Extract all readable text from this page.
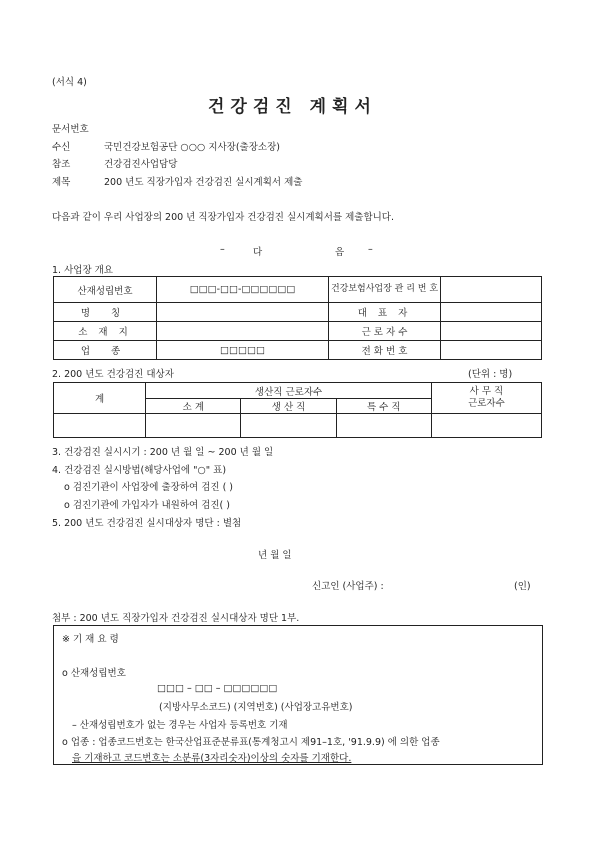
(서식 4)
건강검진 계획서
문서번호
수신	국민건강보험공단 ○○○ 지사장(출장소장)
참조	건강검진사업담당
제목	200 년도 직장가입자 건강검진 실시계획서 제출
다음과 같이 우리 사업장의 200 년 직장가입자 건강검진 실시계획서를 제출합니다.
–	다	음	–
1. 사업장 개요
산재성립번호	□□□-□□-□□□□□□	건강보험사업장 관 리 번 호	
명 칭		대 표 자	
소 재 지		근 로 자 수	
업 종	□□□□□	전 화 번 호	
2. 200 년도 건강검진 대상자	(단위 : 명)
계	생산직 근로자수			사 무 직
근로자수
	소 계	생 산 직	특 수 직	

3. 건강검진 실시시기 : 200 년 월 일 ~ 200 년 월 일
4. 건강검진 실시방법(해당사업에 "○" 표)
o 검진기관이 사업장에 출장하여 검진 ( )
o 검진기관에 가입자가 내원하여 검진( )
5. 200 년도 건강검진 실시대상자 명단 : 별첨
년 월 일
신고인 (사업주) :	(인)
첨부 : 200 년도 직장가입자 건강검진 실시대상자 명단 1부.
※ 기 재 요 령
o 산재성립번호
□□□ – □□ – □□□□□□
(지방사무소코드) (지역번호) (사업장고유번호)
– 산재성립번호가 없는 경우는 사업자 등록번호 기재
o 업종 : 업종코드번호는 한국산업표준분류표(통계청고시 제91–1호, '91.9.9) 에 의한 업종
을 기재하고 코드번호는 소분류(3자리숫자)이상의 숫자를 기재한다.
